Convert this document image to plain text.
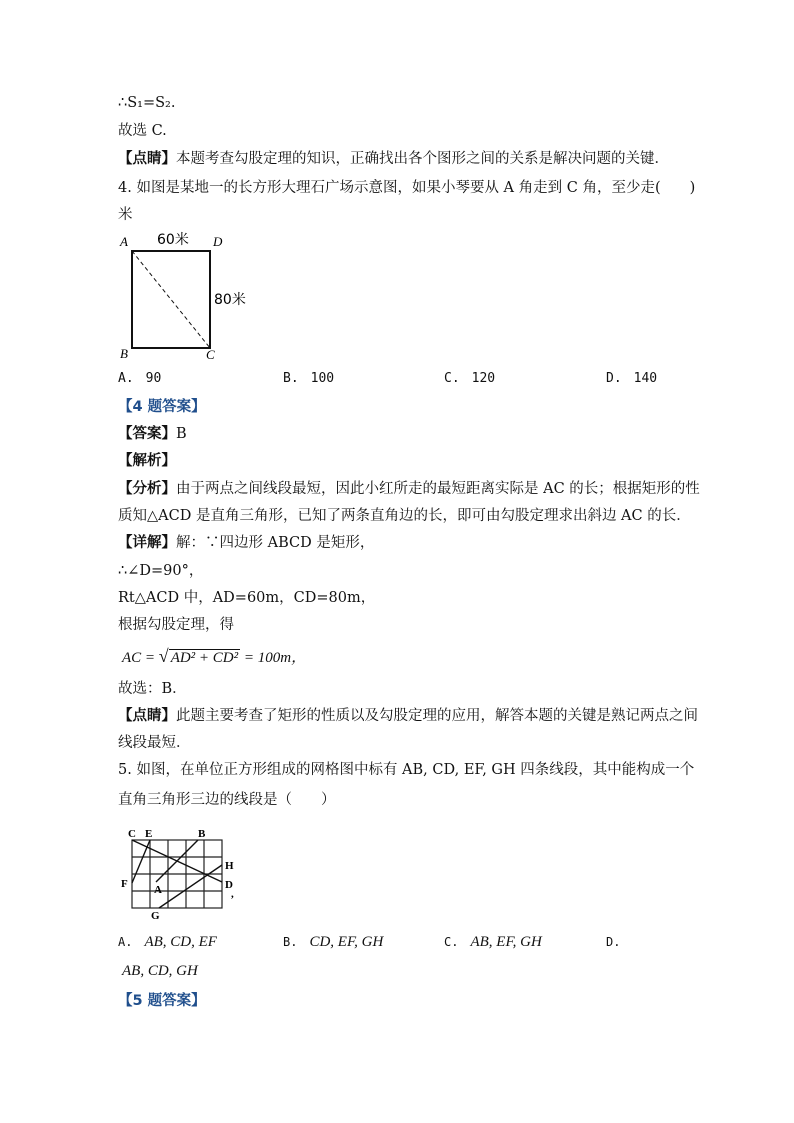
∴S₁=S₂.
故选 C.
【点睛】本题考查勾股定理的知识，正确找出各个图形之间的关系是解决问题的关键．
4. 如图是某地一的长方形大理石广场示意图，如果小琴要从 A 角走到 C 角，至少走(　　)
米
A	D
B	C
60米
80米
A. 90	B. 100	C. 120	D. 140
【4 题答案】
【答案】B
【解析】
【分析】由于两点之间线段最短，因此小红所走的最短距离实际是 AC 的长；根据矩形的性
质知△ACD 是直角三角形，已知了两条直角边的长，即可由勾股定理求出斜边 AC 的长．
【详解】解：∵四边形 ABCD 是矩形，
∴∠D=90°，
Rt△ACD 中，AD=60m，CD=80m，
根据勾股定理，得
AC = √ AD² + CD² = 100m，
故选：B．
【点睛】此题主要考查了矩形的性质以及勾股定理的应用，解答本题的关键是熟记两点之间
线段最短．
5. 如图，在单位正方形组成的网格图中标有 AB, CD, EF, GH 四条线段，其中能构成一个
直角三角形三边的线段是（　　）
C E	B
H
F A	D
G
,
A. AB, CD, EF	B. CD, EF, GH	C. AB, EF, GH	D.
AB, CD, GH
【5 题答案】
